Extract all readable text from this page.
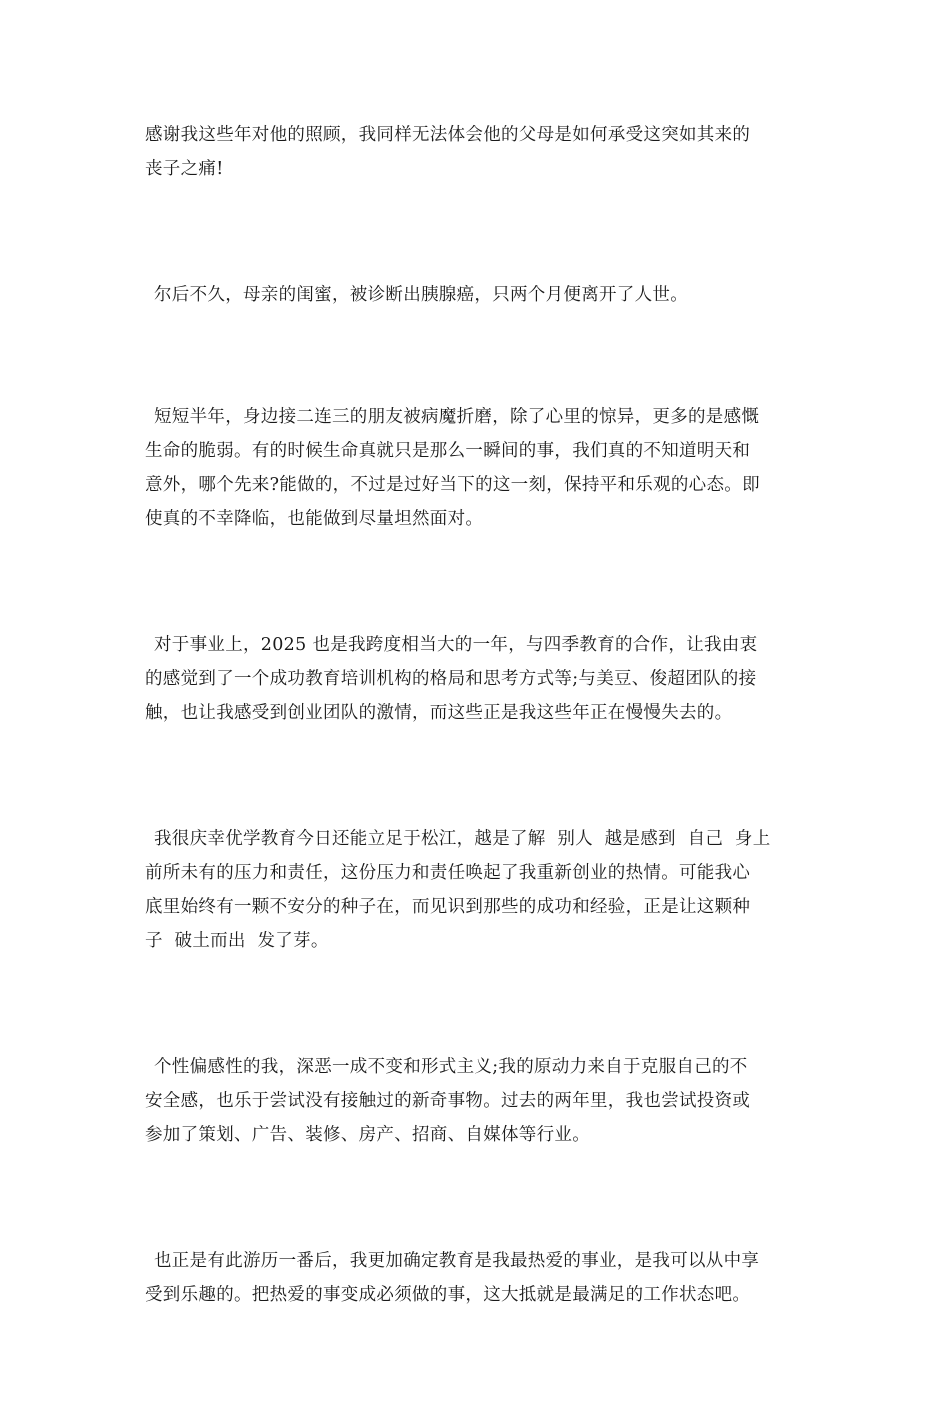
感谢我这些年对他的照顾，我同样无法体会他的父母是如何承受这突如其来的
丧子之痛!

尔后不久，母亲的闺蜜，被诊断出胰腺癌，只两个月便离开了人世。

短短半年，身边接二连三的朋友被病魔折磨，除了心里的惊异，更多的是感慨
生命的脆弱。有的时候生命真就只是那么一瞬间的事，我们真的不知道明天和
意外，哪个先来?能做的，不过是过好当下的这一刻，保持平和乐观的心态。即
使真的不幸降临，也能做到尽量坦然面对。

对于事业上，2025 也是我跨度相当大的一年，与四季教育的合作，让我由衷
的感觉到了一个成功教育培训机构的格局和思考方式等;与美豆、俊超团队的接
触，也让我感受到创业团队的激情，而这些正是我这些年正在慢慢失去的。

我很庆幸优学教育今日还能立足于松江，越是了解  别人  越是感到  自己  身上
前所未有的压力和责任，这份压力和责任唤起了我重新创业的热情。可能我心
底里始终有一颗不安分的种子在，而见识到那些的成功和经验，正是让这颗种
子  破土而出  发了芽。

个性偏感性的我，深恶一成不变和形式主义;我的原动力来自于克服自己的不
安全感，也乐于尝试没有接触过的新奇事物。过去的两年里，我也尝试投资或
参加了策划、广告、装修、房产、招商、自媒体等行业。

也正是有此游历一番后，我更加确定教育是我最热爱的事业，是我可以从中享
受到乐趣的。把热爱的事变成必须做的事，这大抵就是最满足的工作状态吧。
